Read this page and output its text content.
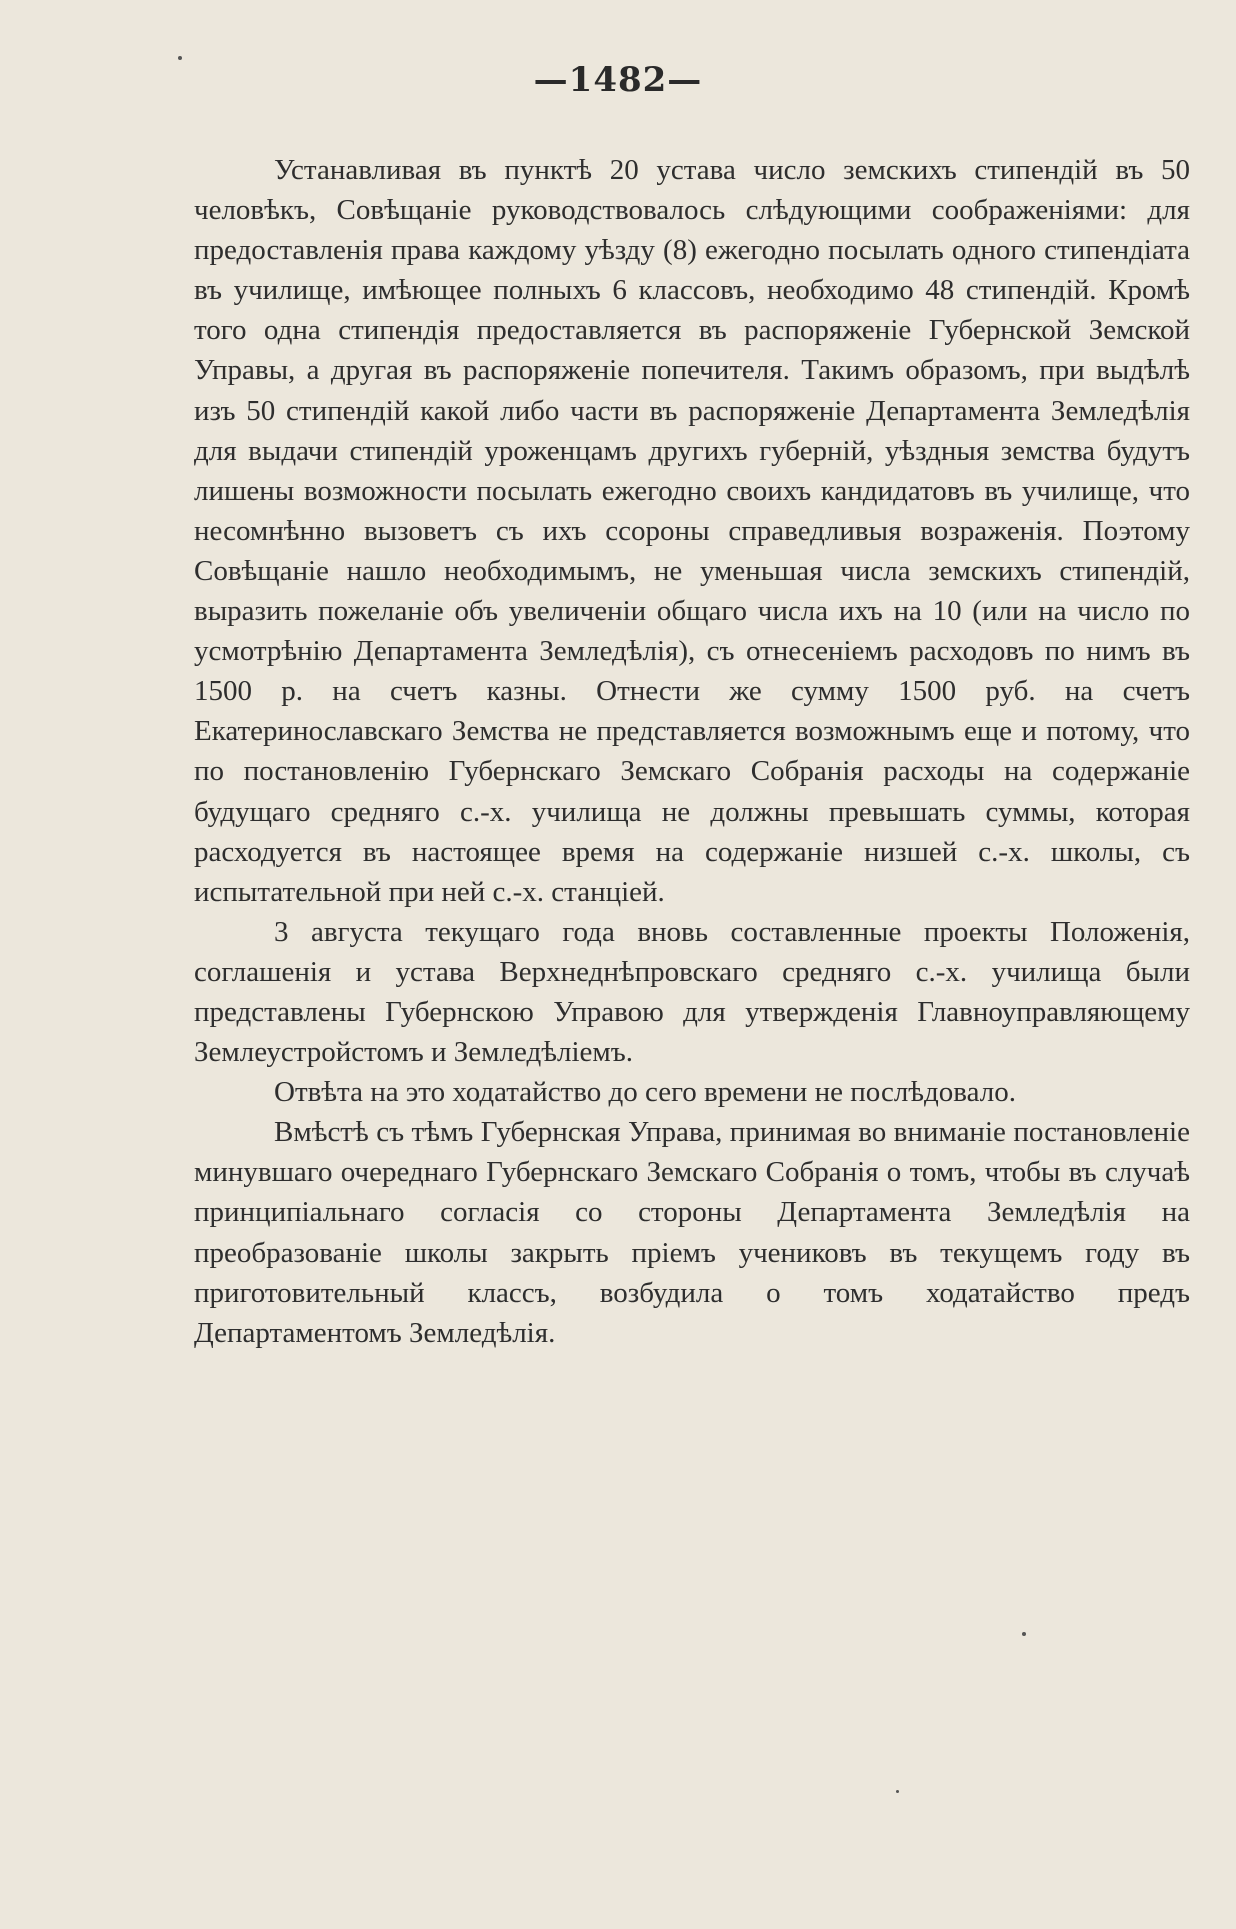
—1482—

Устанавливая въ пунктѣ 20 устава число земскихъ стипендій въ 50 человѣкъ, Совѣщаніе руководствовалось слѣдующими соображеніями: для предоставленія права каждому уѣзду (8) ежегодно посылать одного стипендіата въ училище, имѣющее полныхъ 6 классовъ, необходимо 48 стипендій. Кромѣ того одна стипендія предоставляется въ распоряженіе Губернской Земской Управы, а другая въ распоряженіе попечителя. Такимъ образомъ, при выдѣлѣ изъ 50 стипендій какой либо части въ распоряженіе Департамента Земледѣлія для выдачи стипендій уроженцамъ другихъ губерній, уѣздныя земства будутъ лишены возможности посылать ежегодно своихъ кандидатовъ въ училище, что несомнѣнно вызоветъ съ ихъ ссороны справедливыя возраженія. Поэтому Совѣщаніе нашло необходимымъ, не уменьшая числа земскихъ стипендій, выразить пожеланіе объ увеличеніи общаго числа ихъ на 10 (или на число по усмотрѣнію Департамента Земледѣлія), съ отнесеніемъ расходовъ по нимъ въ 1500 р. на счетъ казны. Отнести же сумму 1500 руб. на счетъ Екатеринославскаго Земства не представляется возможнымъ еще и потому, что по постановленію Губернскаго Земскаго Собранія расходы на содержаніе будущаго средняго с.-х. училища не должны превышать суммы, которая расходуется въ настоящее время на содержаніе низшей с.-х. школы, съ испытательной при ней с.-х. станціей.

3 августа текущаго года вновь составленные проекты Положенія, соглашенія и устава Верхнеднѣпровскаго средняго с.-х. училища были представлены Губернскою Управою для утвержденія Главноуправляющему Землеустройстомъ и Земледѣліемъ.

Отвѣта на это ходатайство до сего времени не послѣдовало.

Вмѣстѣ съ тѣмъ Губернская Управа, принимая во вниманіе постановленіе минувшаго очереднаго Губернскаго Земскаго Собранія о томъ, чтобы въ случаѣ принципіальнаго согласія со стороны Департамента Земледѣлія на преобразованіе школы закрыть пріемъ учениковъ въ текущемъ году въ приготовительный классъ, возбудила о томъ ходатайство предъ Департаментомъ Земледѣлія.
